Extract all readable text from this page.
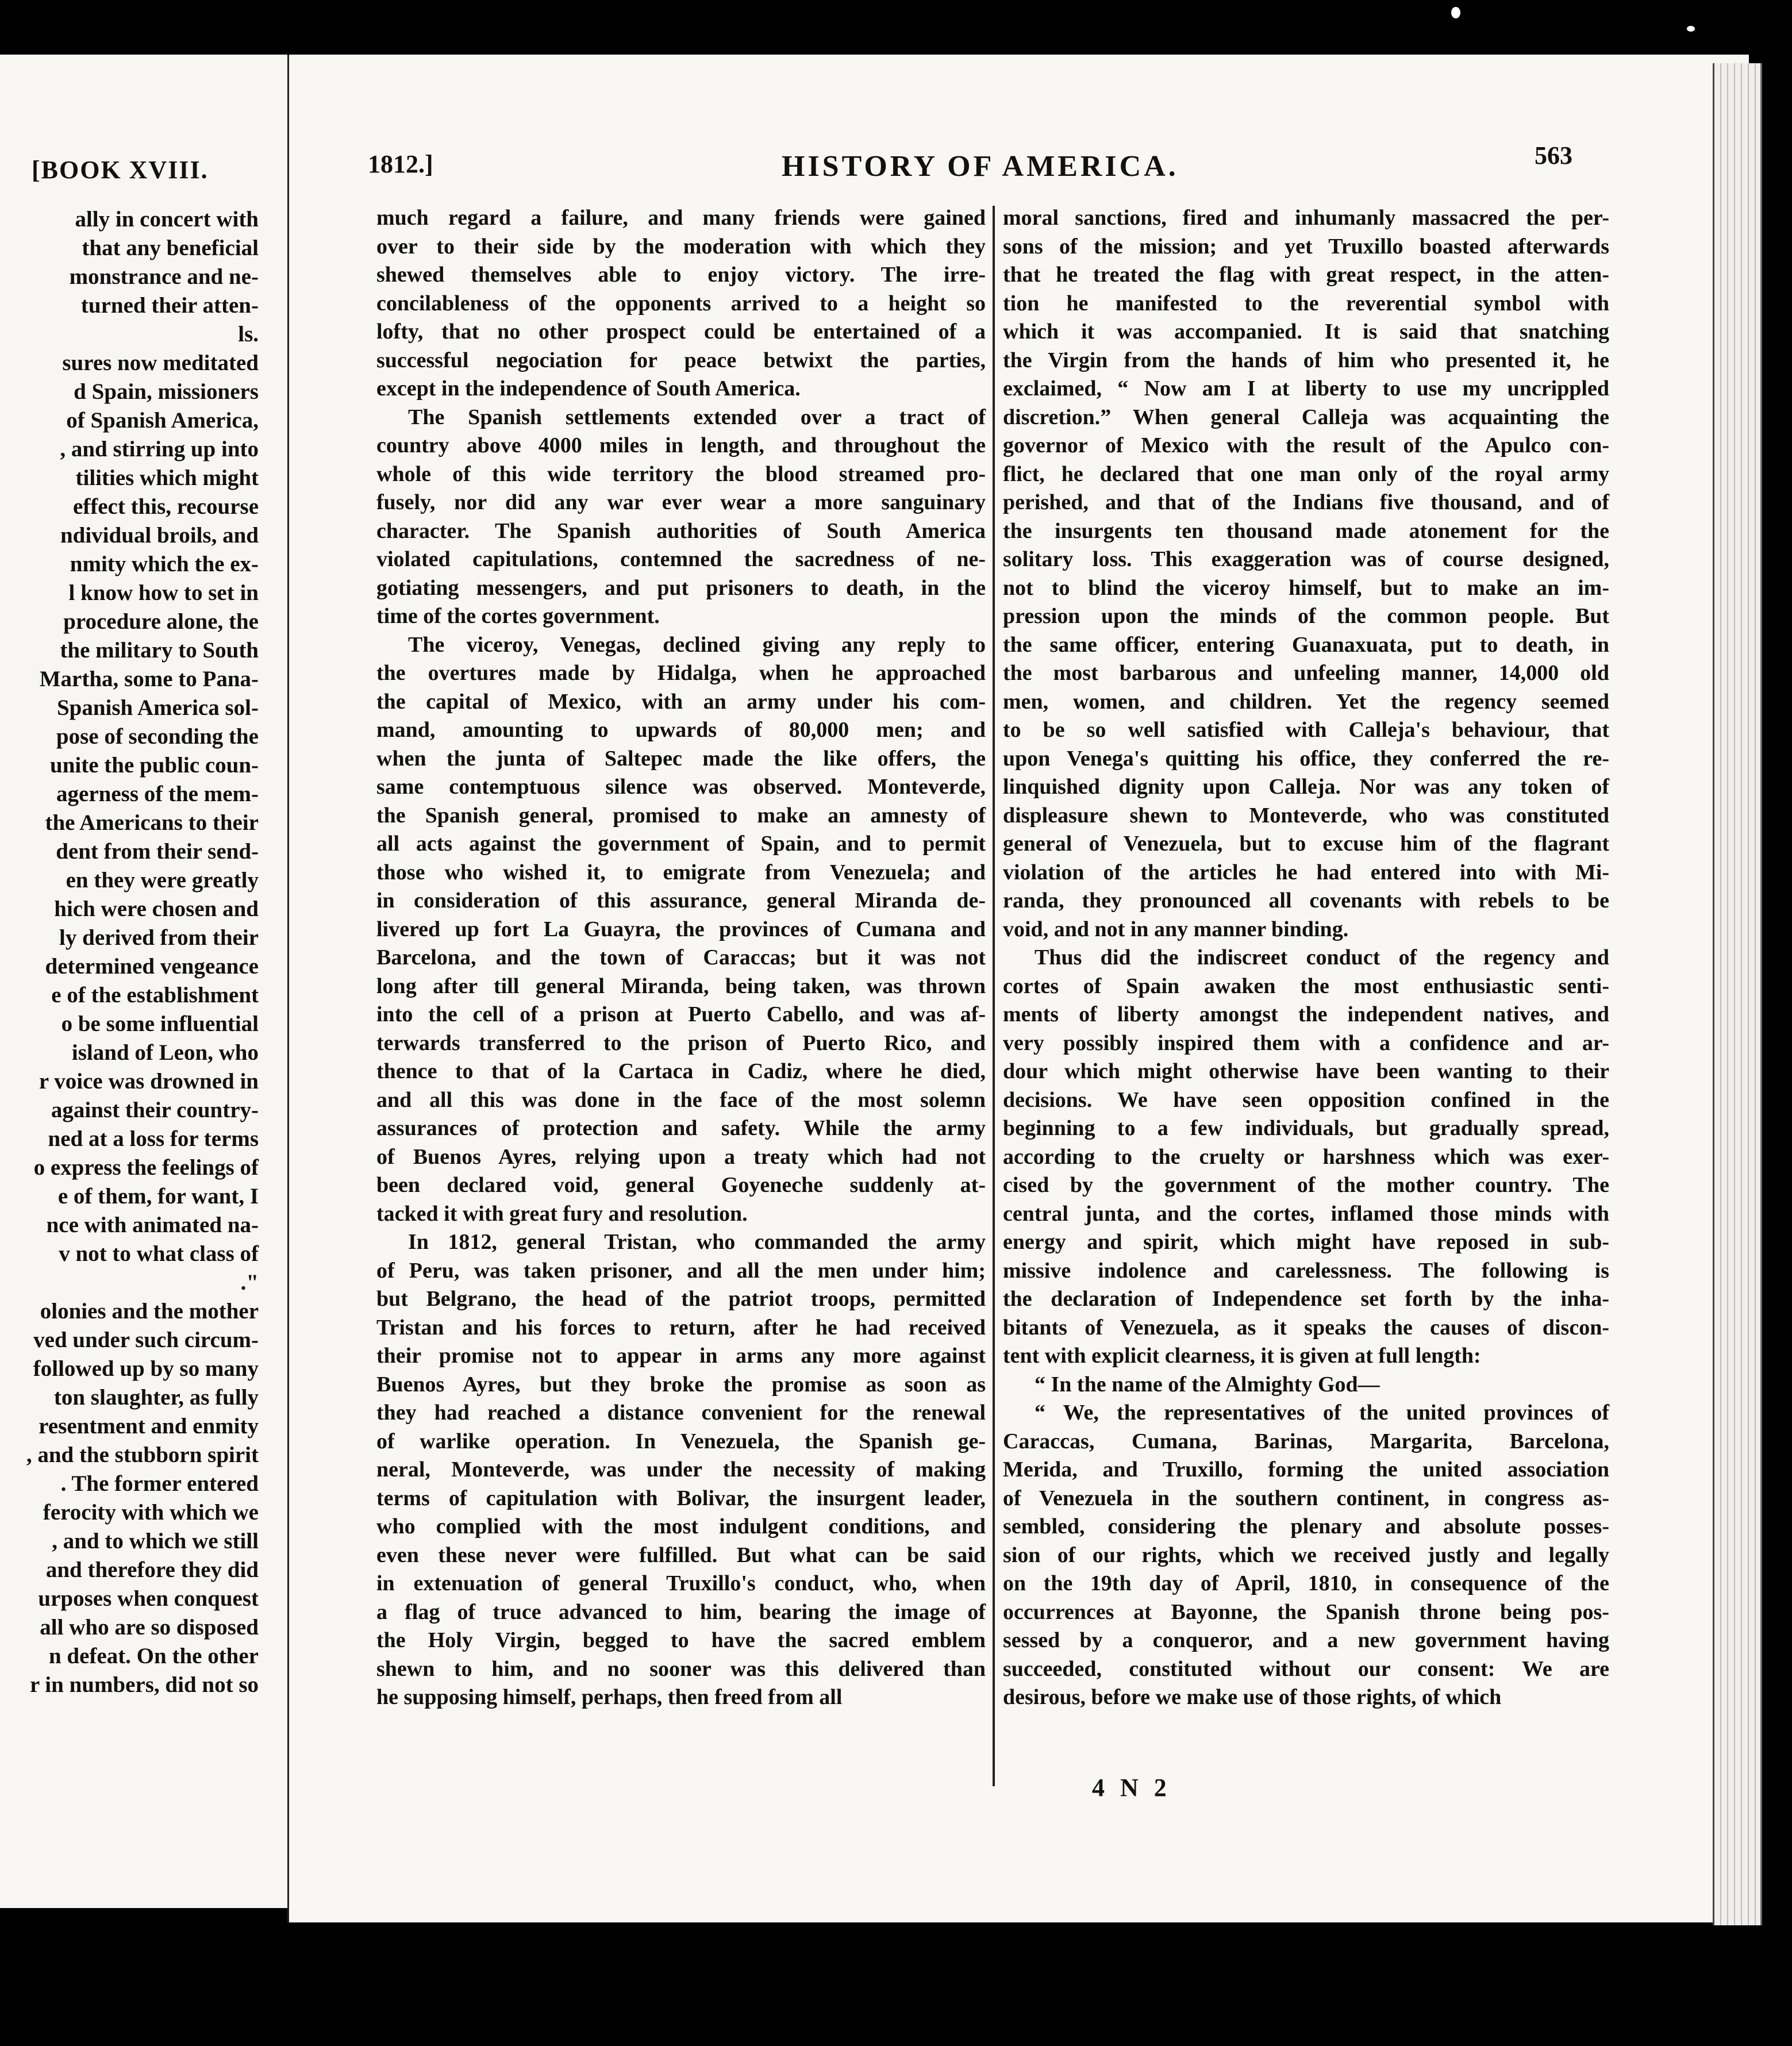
[BOOK XVIII.
ally in concert with
that any beneficial
monstrance and ne-
turned their atten-
ls.
sures now meditated
d Spain, missioners
of Spanish America,
, and stirring up into
tilities which might
effect this, recourse
ndividual broils, and
nmity which the ex-
l know how to set in
procedure alone, the
the military to South
Martha, some to Pana-
Spanish America sol-
pose of seconding the
unite the public coun-
agerness of the mem-
the Americans to their
dent from their send-
en they were greatly
hich were chosen and
ly derived from their
determined vengeance
e of the establishment
o be some influential
island of Leon, who
r voice was drowned in
against their country-
ned at a loss for terms
o express the feelings of
e of them, for want, I
nce with animated na-
v not to what class of
."
olonies and the mother
ved under such circum-
followed up by so many
ton slaughter, as fully
resentment and enmity
, and the stubborn spirit
. The former entered
ferocity with which we
, and to which we still
and therefore they did
urposes when conquest
all who are so disposed
n defeat. On the other
r in numbers, did not so
1812.]	HISTORY OF AMERICA.	563
much regard a failure, and many friends were gained
over to their side by the moderation with which they
shewed themselves able to enjoy victory. The irre-
concilableness of the opponents arrived to a height so
lofty, that no other prospect could be entertained of a
successful negociation for peace betwixt the parties,
except in the independence of South America.
The Spanish settlements extended over a tract of
country above 4000 miles in length, and throughout the
whole of this wide territory the blood streamed pro-
fusely, nor did any war ever wear a more sanguinary
character. The Spanish authorities of South America
violated capitulations, contemned the sacredness of ne-
gotiating messengers, and put prisoners to death, in the
time of the cortes government.
The viceroy, Venegas, declined giving any reply to
the overtures made by Hidalga, when he approached
the capital of Mexico, with an army under his com-
mand, amounting to upwards of 80,000 men; and
when the junta of Saltepec made the like offers, the
same contemptuous silence was observed. Monteverde,
the Spanish general, promised to make an amnesty of
all acts against the government of Spain, and to permit
those who wished it, to emigrate from Venezuela; and
in consideration of this assurance, general Miranda de-
livered up fort La Guayra, the provinces of Cumana and
Barcelona, and the town of Caraccas; but it was not
long after till general Miranda, being taken, was thrown
into the cell of a prison at Puerto Cabello, and was af-
terwards transferred to the prison of Puerto Rico, and
thence to that of la Cartaca in Cadiz, where he died,
and all this was done in the face of the most solemn
assurances of protection and safety. While the army
of Buenos Ayres, relying upon a treaty which had not
been declared void, general Goyeneche suddenly at-
tacked it with great fury and resolution.
In 1812, general Tristan, who commanded the army
of Peru, was taken prisoner, and all the men under him;
but Belgrano, the head of the patriot troops, permitted
Tristan and his forces to return, after he had received
their promise not to appear in arms any more against
Buenos Ayres, but they broke the promise as soon as
they had reached a distance convenient for the renewal
of warlike operation. In Venezuela, the Spanish ge-
neral, Monteverde, was under the necessity of making
terms of capitulation with Bolivar, the insurgent leader,
who complied with the most indulgent conditions, and
even these never were fulfilled. But what can be said
in extenuation of general Truxillo's conduct, who, when
a flag of truce advanced to him, bearing the image of
the Holy Virgin, begged to have the sacred emblem
shewn to him, and no sooner was this delivered than
he supposing himself, perhaps, then freed from all
moral sanctions, fired and inhumanly massacred the per-
sons of the mission; and yet Truxillo boasted afterwards
that he treated the flag with great respect, in the atten-
tion he manifested to the reverential symbol with
which it was accompanied. It is said that snatching
the Virgin from the hands of him who presented it, he
exclaimed, “ Now am I at liberty to use my uncrippled
discretion.” When general Calleja was acquainting the
governor of Mexico with the result of the Apulco con-
flict, he declared that one man only of the royal army
perished, and that of the Indians five thousand, and of
the insurgents ten thousand made atonement for the
solitary loss. This exaggeration was of course designed,
not to blind the viceroy himself, but to make an im-
pression upon the minds of the common people. But
the same officer, entering Guanaxuata, put to death, in
the most barbarous and unfeeling manner, 14,000 old
men, women, and children. Yet the regency seemed
to be so well satisfied with Calleja's behaviour, that
upon Venega's quitting his office, they conferred the re-
linquished dignity upon Calleja. Nor was any token of
displeasure shewn to Monteverde, who was constituted
general of Venezuela, but to excuse him of the flagrant
violation of the articles he had entered into with Mi-
randa, they pronounced all covenants with rebels to be
void, and not in any manner binding.
Thus did the indiscreet conduct of the regency and
cortes of Spain awaken the most enthusiastic senti-
ments of liberty amongst the independent natives, and
very possibly inspired them with a confidence and ar-
dour which might otherwise have been wanting to their
decisions. We have seen opposition confined in the
beginning to a few individuals, but gradually spread,
according to the cruelty or harshness which was exer-
cised by the government of the mother country. The
central junta, and the cortes, inflamed those minds with
energy and spirit, which might have reposed in sub-
missive indolence and carelessness. The following is
the declaration of Independence set forth by the inha-
bitants of Venezuela, as it speaks the causes of discon-
tent with explicit clearness, it is given at full length:
“ In the name of the Almighty God—
“ We, the representatives of the united provinces of
Caraccas, Cumana, Barinas, Margarita, Barcelona,
Merida, and Truxillo, forming the united association
of Venezuela in the southern continent, in congress as-
sembled, considering the plenary and absolute posses-
sion of our rights, which we received justly and legally
on the 19th day of April, 1810, in consequence of the
occurrences at Bayonne, the Spanish throne being pos-
sessed by a conqueror, and a new government having
succeeded, constituted without our consent: We are
desirous, before we make use of those rights, of which
4 N 2
